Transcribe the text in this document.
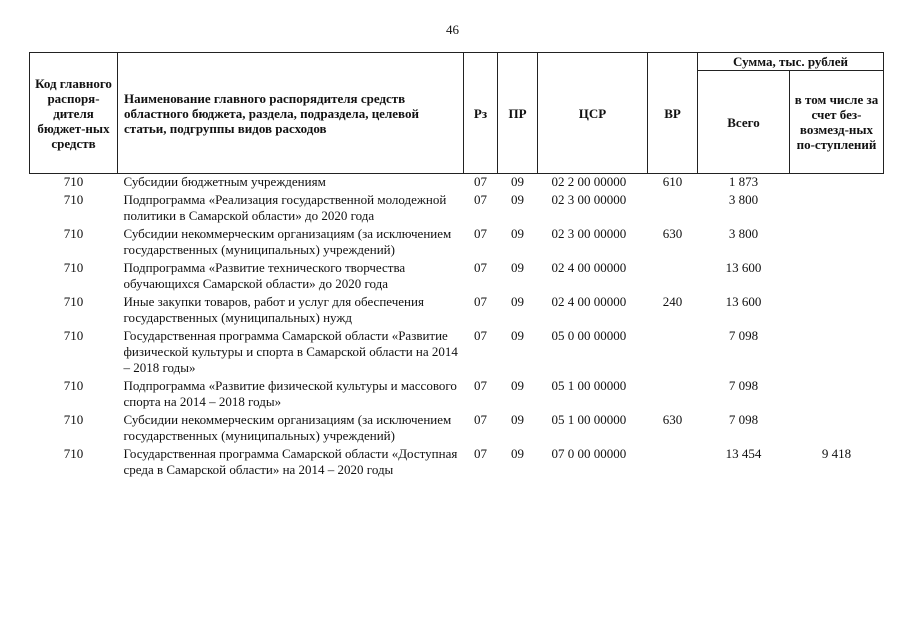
46
Код главного распоря-дителя бюджет-ных средств	Наименование главного распорядителя средств областного бюджета, раздела, подраздела, целевой статьи, подгруппы видов расходов	Рз	ПР	ЦСР	ВР	Сумма, тыс. рублей	
						Всего	в том числе за счет без-возмезд-ных по-ступлений
710	Субсидии бюджетным учреждениям	07	09	02 2 00 00000	610	1 873	
710	Подпрограмма «Реализация государственной молодежной политики в Самарской области» до 2020 года	07	09	02 3 00 00000		3 800	
710	Субсидии некоммерческим организациям (за исключением государственных (муниципальных) учреждений)	07	09	02 3 00 00000	630	3 800	
710	Подпрограмма «Развитие технического творчества обучающихся Самарской области» до 2020 года	07	09	02 4 00 00000		13 600	
710	Иные закупки товаров, работ и услуг для обеспечения государственных (муниципальных) нужд	07	09	02 4 00 00000	240	13 600	
710	Государственная программа Самарской области «Развитие физической культуры и спорта в Самарской области на 2014 – 2018 годы»	07	09	05 0 00 00000		7 098	
710	Подпрограмма «Развитие физической культуры и массового спорта на 2014 – 2018 годы»	07	09	05 1 00 00000		7 098	
710	Субсидии некоммерческим организациям (за исключением государственных (муниципальных) учреждений)	07	09	05 1 00 00000	630	7 098	
710	Государственная программа Самарской области «Доступная среда в Самарской области» на 2014 – 2020 годы	07	09	07 0 00 00000		13 454	9 418
